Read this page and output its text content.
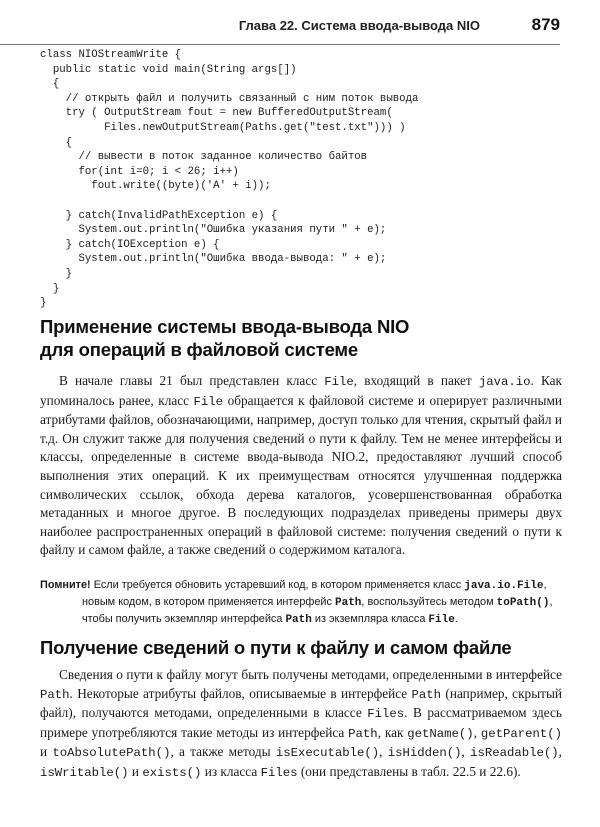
Глава 22. Система ввода-вывода NIO	879
class NIOStreamWrite {
public static void main(String args[])
{
// открыть файл и получить связанный с ним поток вывода
try ( OutputStream fout = new BufferedOutputStream(
Files.newOutputStream(Paths.get("test.txt"))) )
{
// вывести в поток заданное количество байтов
for(int i=0; i < 26; i++)
fout.write((byte)('A' + i));

} catch(InvalidPathException e) {
System.out.println("Ошибка указания пути " + e);
} catch(IOException e) {
System.out.println("Ошибка ввода-вывода: " + e);
}
}
}
Применение системы ввода-вывода NIO
для операций в файловой системе

В начале главы 21 был представлен класс File, входящий в пакет java.io. Как упоминалось ранее, класс File обращается к файловой системе и оперирует различными атрибутами файлов, обозначающими, например, доступ только для чтения, скрытый файл и т.д. Он служит также для получения сведений о пути к файлу. Тем не менее интерфейсы и классы, определенные в системе ввода-вывода NIO.2, предоставляют лучший способ выполнения этих операций. К их преимуществам относятся улучшенная поддержка символических ссылок, обхода дерева каталогов, усовершенствованная обработка метаданных и многое другое. В последующих подразделах приведены примеры двух наиболее распространенных операций в файловой системе: получения сведений о пути к файлу и самом файле, а также сведений о содержимом каталога.

Помните! Если требуется обновить устаревший код, в котором применяется класс java.io.File,
новым кодом, в котором применяется интерфейс Path, воспользуйтесь методом toPath(),
чтобы получить экземпляр интерфейса Path из экземпляра класса File.
Получение сведений о пути к файлу и самом файле

Сведения о пути к файлу могут быть получены методами, определенными в интерфейсе Path. Некоторые атрибуты файлов, описываемые в интерфейсе Path (например, скрытый файл), получаются методами, определенными в классе Files. В рассматриваемом здесь примере употребляются такие методы из интерфейса Path, как getName(), getParent() и toAbsolutePath(), а также методы isExecutable(), isHidden(), isReadable(), isWritable() и exists() из класса Files (они представлены в табл. 22.5 и 22.6).
